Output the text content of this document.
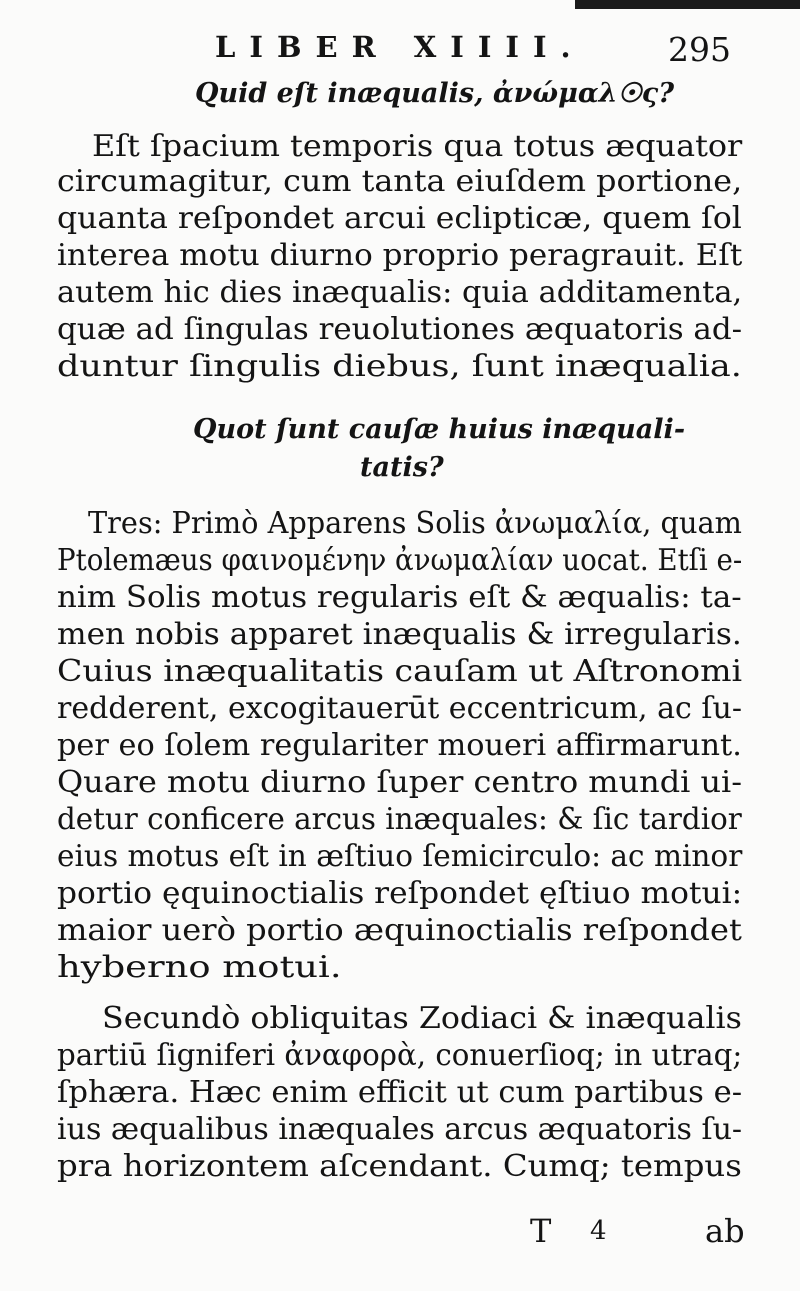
LIBER XIIII.	295
Quid eſt inæqualis, ἀνώμαλ☉ς?
Eſt ſpacium temporis qua totus æquator
circumagitur, cum tanta eiuſdem portione,
quanta reſpondet arcui eclipticæ, quem ſol
interea motu diurno proprio peragrauit. Eſt
autem hic dies inæqualis: quia additamenta,
quæ ad ſingulas reuolutiones æquatoris ad-
duntur ſingulis diebus, ſunt inæqualia.
Quot ſunt cauſæ huius inæquali-
tatis?
Tres: Primò Apparens Solis ἀνωμαλία, quam
Ptolemæus φαινομένην ἀνωμαλίαν uocat. Etſi e-
nim Solis motus regularis eſt & æqualis: ta-
men nobis apparet inæqualis & irregularis.
Cuius inæqualitatis cauſam ut Aſtronomi
redderent, excogitauerūt eccentricum, ac ſu-
per eo ſolem regulariter moueri affirmarunt.
Quare motu diurno ſuper centro mundi ui-
detur conficere arcus inæquales: & ſic tardior
eius motus eſt in æſtiuo ſemicirculo: ac minor
portio ęquinoctialis reſpondet ęſtiuo motui:
maior uerò portio æquinoctialis reſpondet
hyberno motui.
Secundò obliquitas Zodiaci & inæqualis
partiū ſigniferi ἀναφορὰ, conuerſioq; in utraq;
ſphæra. Hæc enim efficit ut cum partibus e-
ius æqualibus inæquales arcus æquatoris ſu-
pra horizontem aſcendant. Cumq; tempus
T 4	ab
